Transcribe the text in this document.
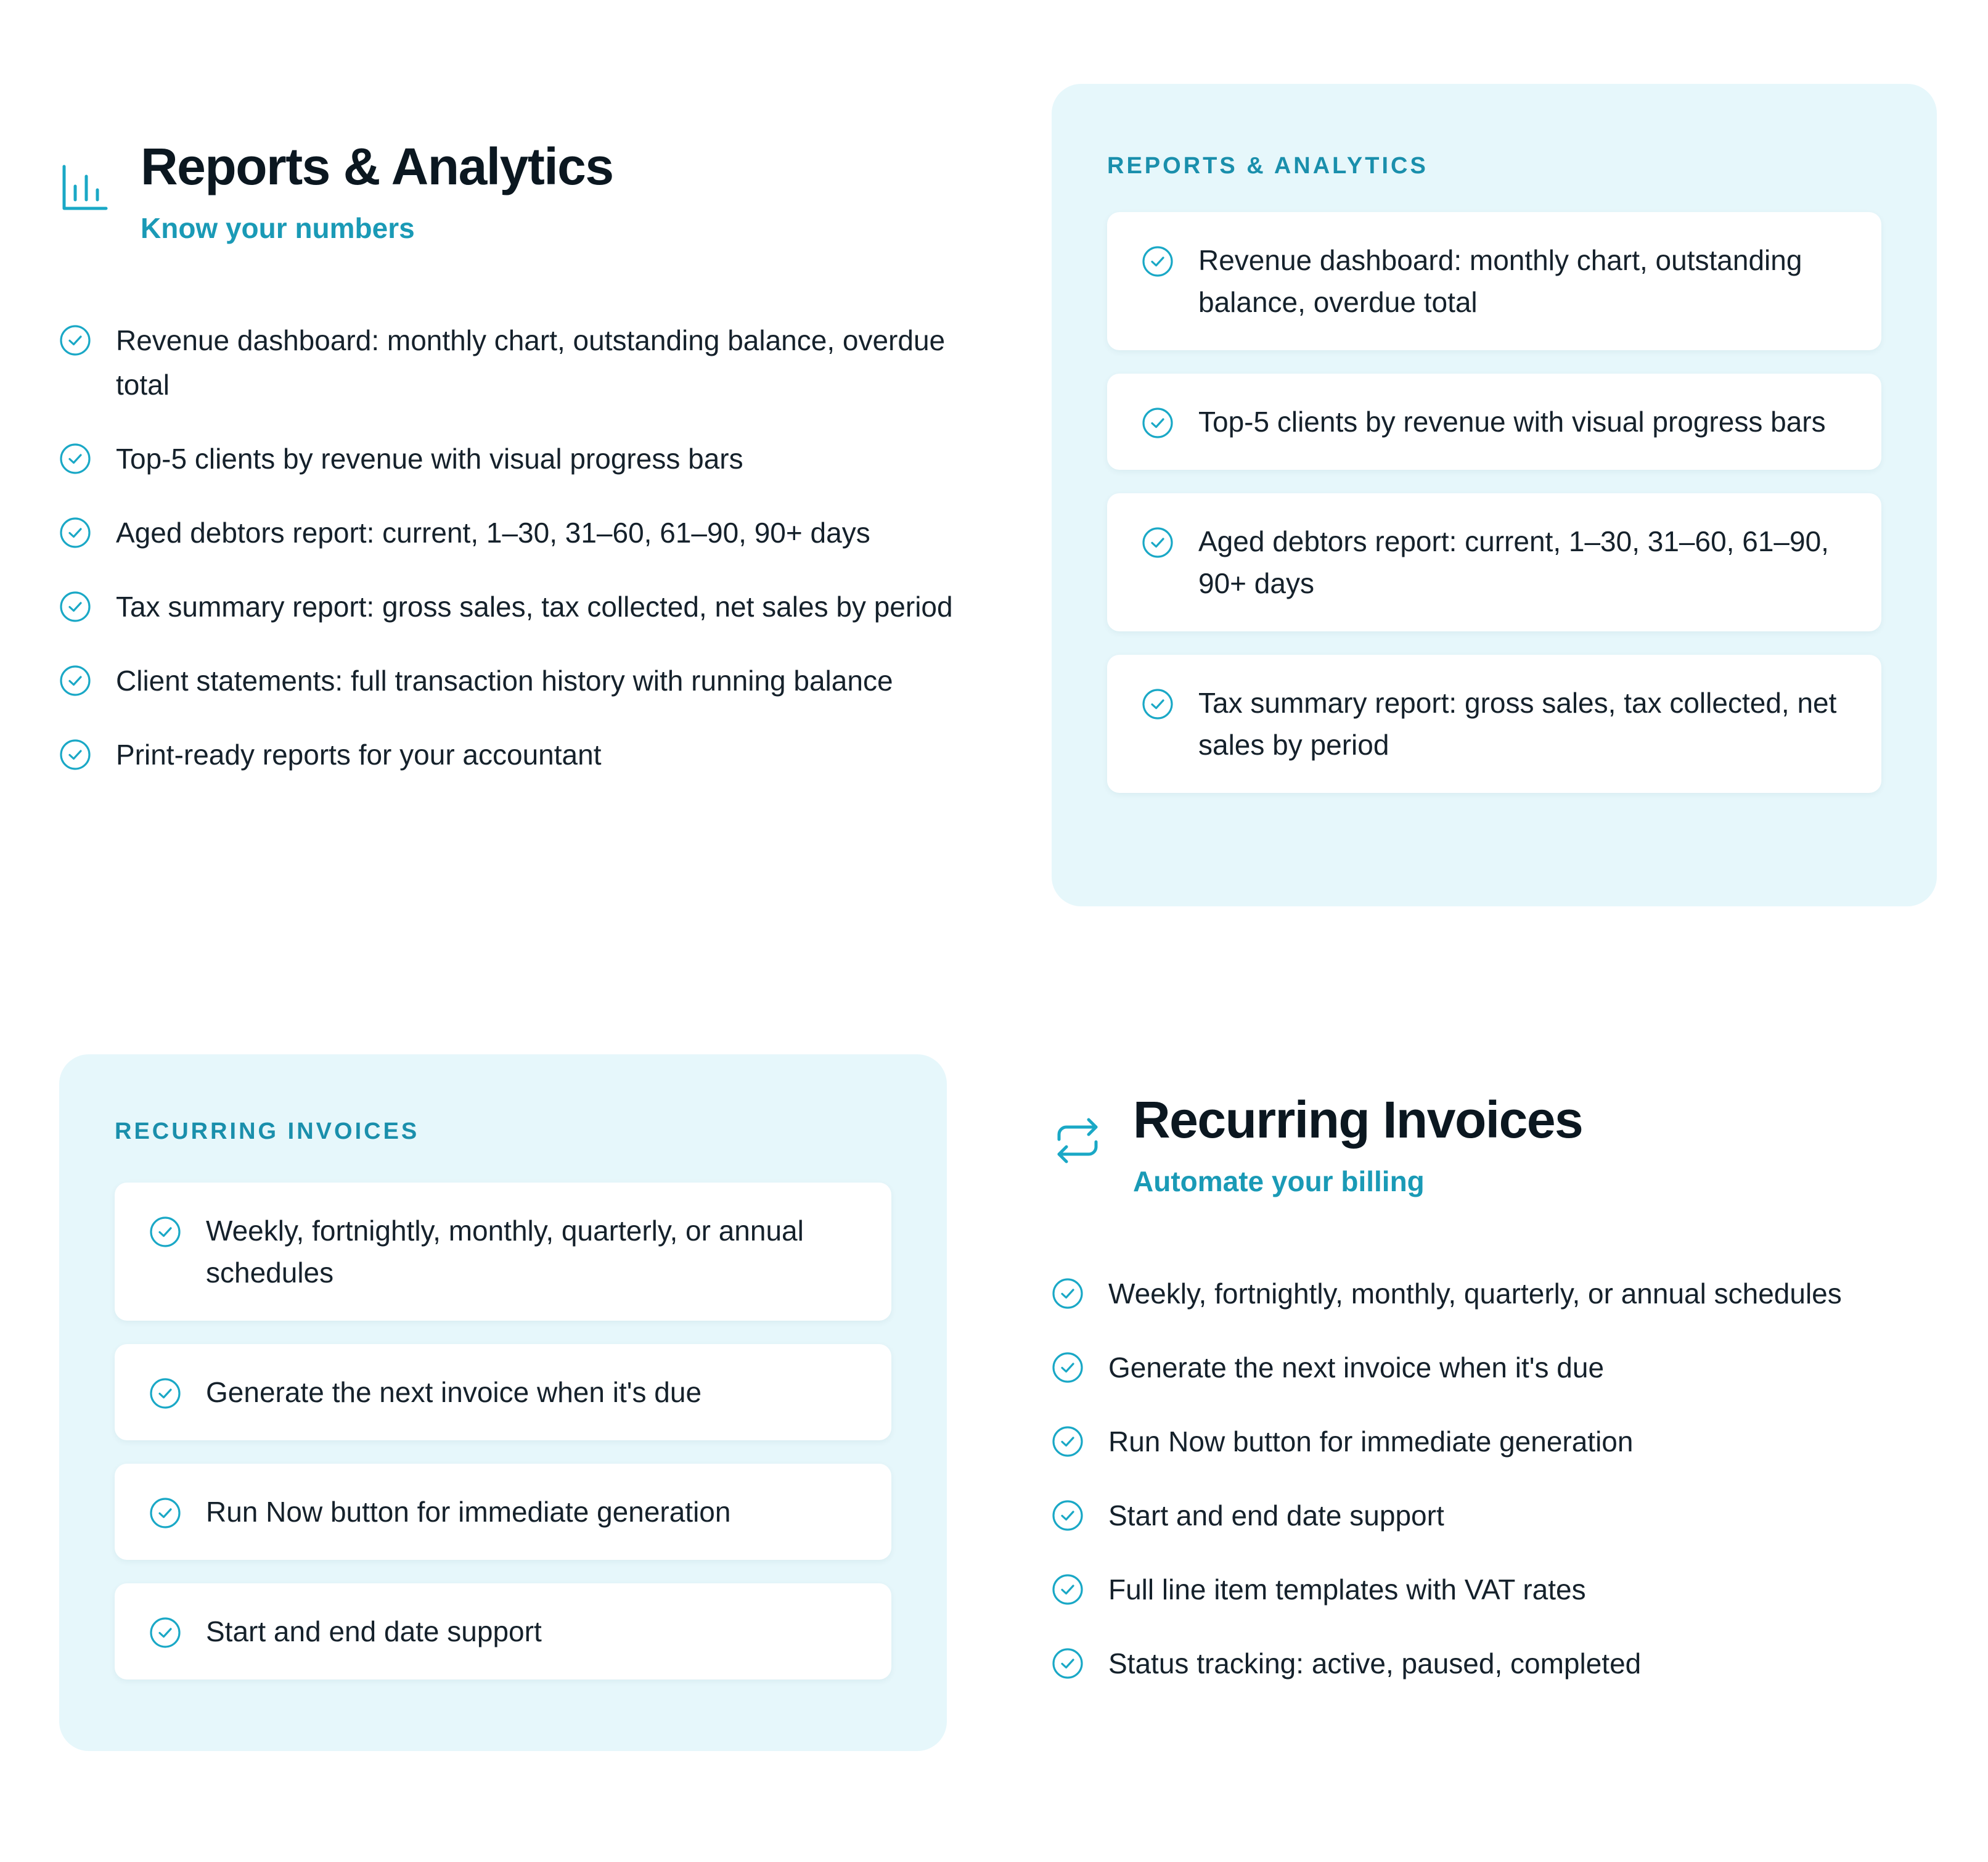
Reports & Analytics

Know your numbers

Revenue dashboard: monthly chart, outstanding balance, overdue total
Top-5 clients by revenue with visual progress bars
Aged debtors report: current, 1–30, 31–60, 61–90, 90+ days
Tax summary report: gross sales, tax collected, net sales by period
Client statements: full transaction history with running balance
Print-ready reports for your accountant

REPORTS & ANALYTICS

Revenue dashboard: monthly chart, outstanding balance, overdue total
Top-5 clients by revenue with visual progress bars
Aged debtors report: current, 1–30, 31–60, 61–90, 90+ days
Tax summary report: gross sales, tax collected, net sales by period

RECURRING INVOICES

Weekly, fortnightly, monthly, quarterly, or annual schedules
Generate the next invoice when it's due
Run Now button for immediate generation
Start and end date support
Recurring Invoices

Automate your billing

Weekly, fortnightly, monthly, quarterly, or annual schedules
Generate the next invoice when it's due
Run Now button for immediate generation
Start and end date support
Full line item templates with VAT rates
Status tracking: active, paused, completed
